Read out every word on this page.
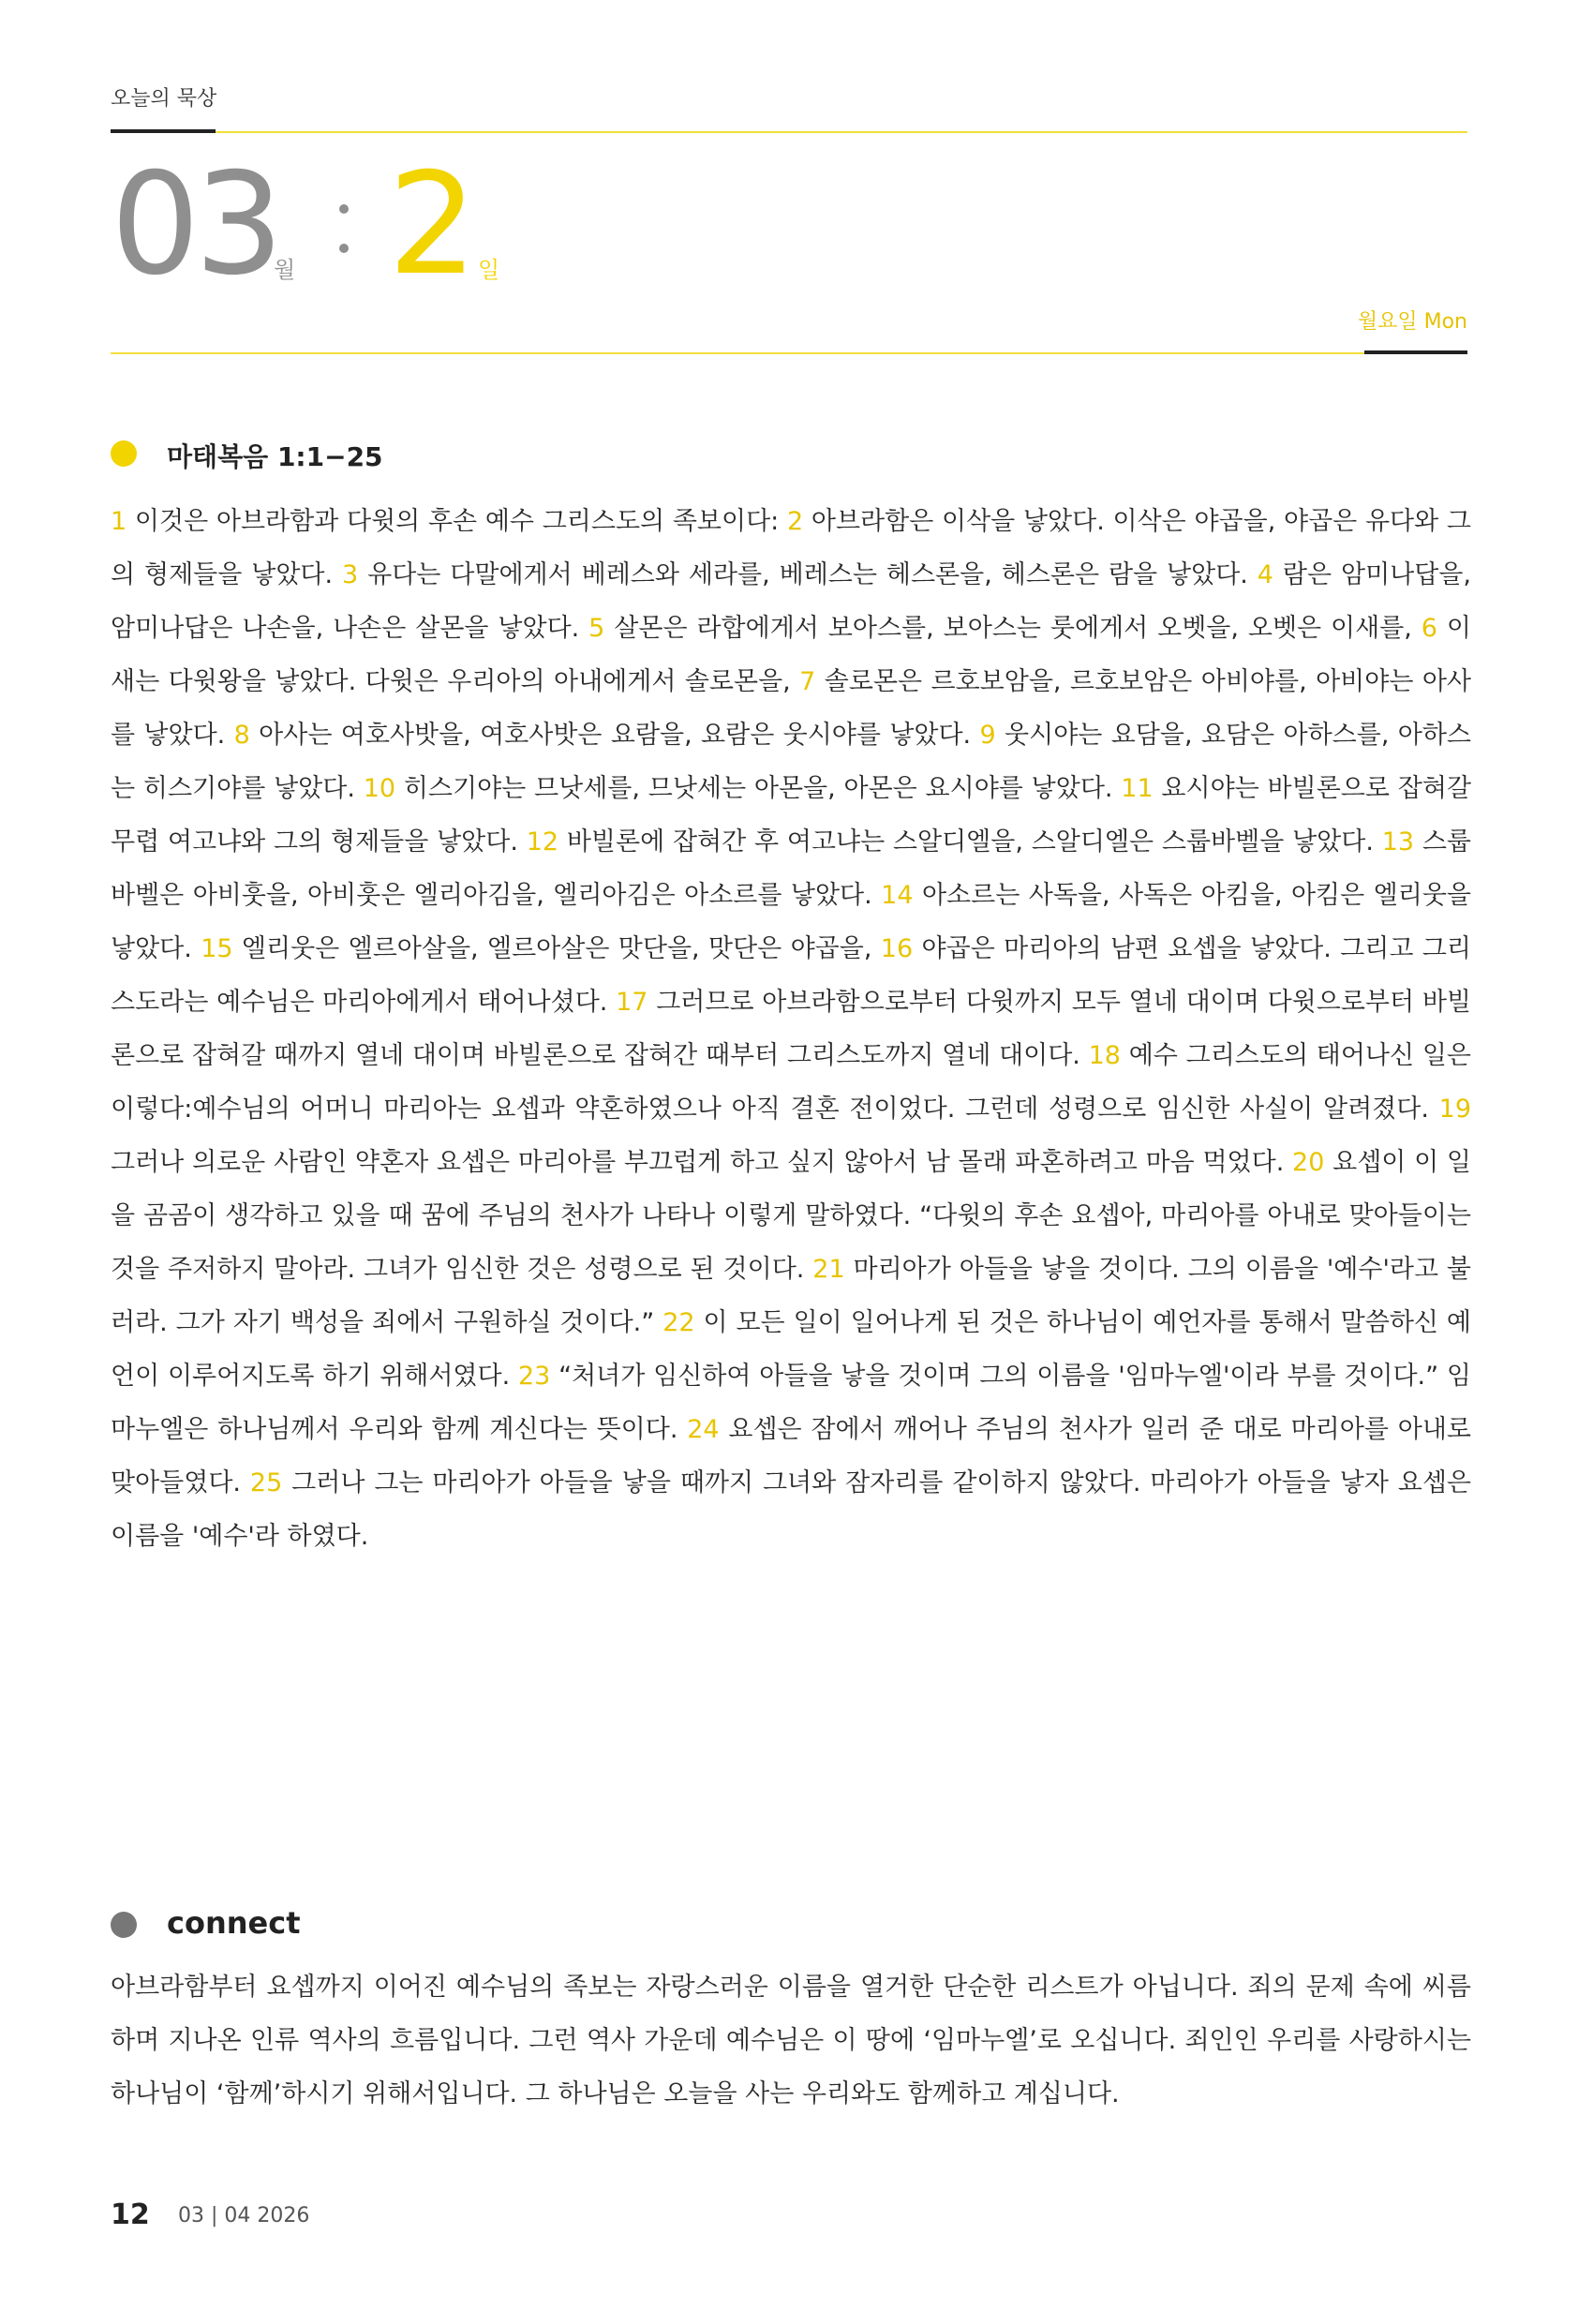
오늘의 묵상
03
월 2 일
월요일 Mon
마태복음 1:1−25
1 이것은 아브라함과 다윗의 후손 예수 그리스도의 족보이다: 2 아브라함은 이삭을 낳았다. 이삭은 야곱을, 야곱은 유다와 그의 형제들을 낳았다. 3 유다는 다말에게서 베레스와 세라를, 베레스는 헤스론을, 헤스론은 람을 낳았다. 4 람은 암미나답을, 암미나답은 나손을, 나손은 살몬을 낳았다. 5 살몬은 라합에게서 보아스를, 보아스는 룻에게서 오벳을, 오벳은 이새를, 6 이새는 다윗왕을 낳았다. 다윗은 우리아의 아내에게서 솔로몬을, 7 솔로몬은 르호보암을, 르호보암은 아비야를, 아비야는 아사를 낳았다. 8 아사는 여호사밧을, 여호사밧은 요람을, 요람은 웃시야를 낳았다. 9 웃시야는 요담을, 요담은 아하스를, 아하스는 히스기야를 낳았다. 10 히스기야는 므낫세를, 므낫세는 아몬을, 아몬은 요시야를 낳았다. 11 요시야는 바빌론으로 잡혀갈 무렵 여고냐와 그의 형제들을 낳았다. 12 바빌론에 잡혀간 후 여고냐는 스알디엘을, 스알디엘은 스룹바벨을 낳았다. 13 스룹바벨은 아비훗을, 아비훗은 엘리아김을, 엘리아김은 아소르를 낳았다. 14 아소르는 사독을, 사독은 아킴을, 아킴은 엘리웃을 낳았다. 15 엘리웃은 엘르아살을, 엘르아살은 맛단을, 맛단은 야곱을, 16 야곱은 마리아의 남편 요셉을 낳았다. 그리고 그리스도라는 예수님은 마리아에게서 태어나셨다. 17 그러므로 아브라함으로부터 다윗까지 모두 열네 대이며 다윗으로부터 바빌론으로 잡혀갈 때까지 열네 대이며 바빌론으로 잡혀간 때부터 그리스도까지 열네 대이다. 18 예수 그리스도의 태어나신 일은 이렇다:예수님의 어머니 마리아는 요셉과 약혼하였으나 아직 결혼 전이었다. 그런데 성령으로 임신한 사실이 알려졌다. 19 그러나 의로운 사람인 약혼자 요셉은 마리아를 부끄럽게 하고 싶지 않아서 남 몰래 파혼하려고 마음 먹었다. 20 요셉이 이 일을 곰곰이 생각하고 있을 때 꿈에 주님의 천사가 나타나 이렇게 말하였다. “다윗의 후손 요셉아, 마리아를 아내로 맞아들이는 것을 주저하지 말아라. 그녀가 임신한 것은 성령으로 된 것이다. 21 마리아가 아들을 낳을 것이다. 그의 이름을 '예수'라고 불러라. 그가 자기 백성을 죄에서 구원하실 것이다.” 22 이 모든 일이 일어나게 된 것은 하나님이 예언자를 통해서 말씀하신 예언이 이루어지도록 하기 위해서였다. 23 “처녀가 임신하여 아들을 낳을 것이며 그의 이름을 '임마누엘'이라 부를 것이다.” 임마누엘은 하나님께서 우리와 함께 계신다는 뜻이다. 24 요셉은 잠에서 깨어나 주님의 천사가 일러 준 대로 마리아를 아내로 맞아들였다. 25 그러나 그는 마리아가 아들을 낳을 때까지 그녀와 잠자리를 같이하지 않았다. 마리아가 아들을 낳자 요셉은 이름을 '예수'라 하였다.
connect
아브라함부터 요셉까지 이어진 예수님의 족보는 자랑스러운 이름을 열거한 단순한 리스트가 아닙니다. 죄의 문제 속에 씨름하며 지나온 인류 역사의 흐름입니다. 그런 역사 가운데 예수님은 이 땅에 ‘임마누엘’로 오십니다. 죄인인 우리를 사랑하시는 하나님이 ‘함께’하시기 위해서입니다. 그 하나님은 오늘을 사는 우리와도 함께하고 계십니다.
12 03 | 04 2026
